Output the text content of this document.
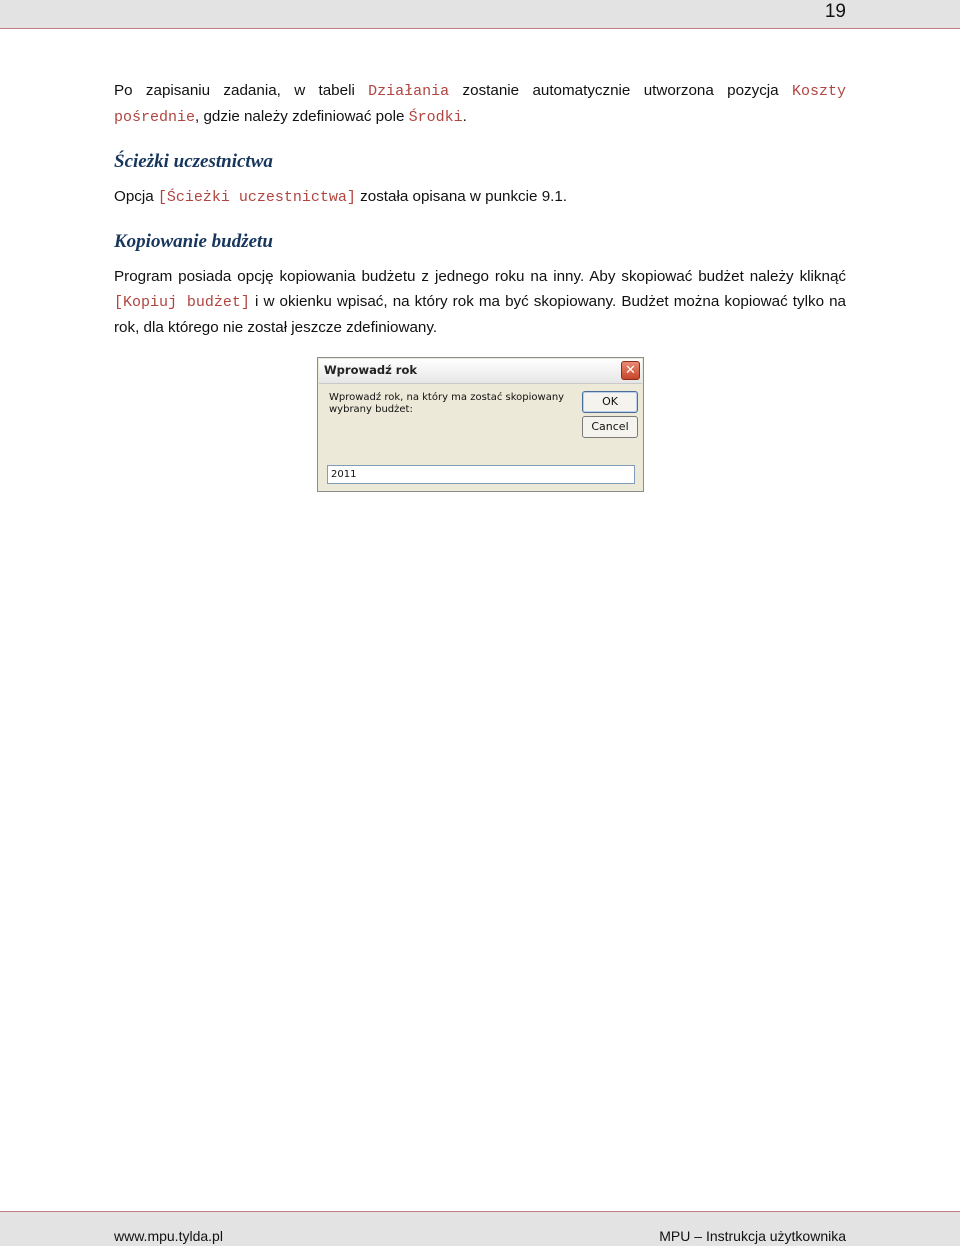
19

Po zapisaniu zadania, w tabeli Działania zostanie automatycznie utworzona pozycja Koszty pośrednie, gdzie należy zdefiniować pole Środki.

Ścieżki uczestnictwa

Opcja [Ścieżki uczestnictwa] została opisana w punkcie 9.1.

Kopiowanie budżetu

Program posiada opcję kopiowania budżetu z jednego roku na inny. Aby skopiować budżet należy kliknąć [Kopiuj budżet] i w okienku wpisać, na który rok ma być skopiowany. Budżet można kopiować tylko na rok, dla którego nie został jeszcze zdefiniowany.

Wprowadź rok	✕
Wprowadź rok, na który ma zostać skopiowany wybrany budżet:
OK
Cancel
2011
www.mpu.tylda.pl	MPU – Instrukcja użytkownika
